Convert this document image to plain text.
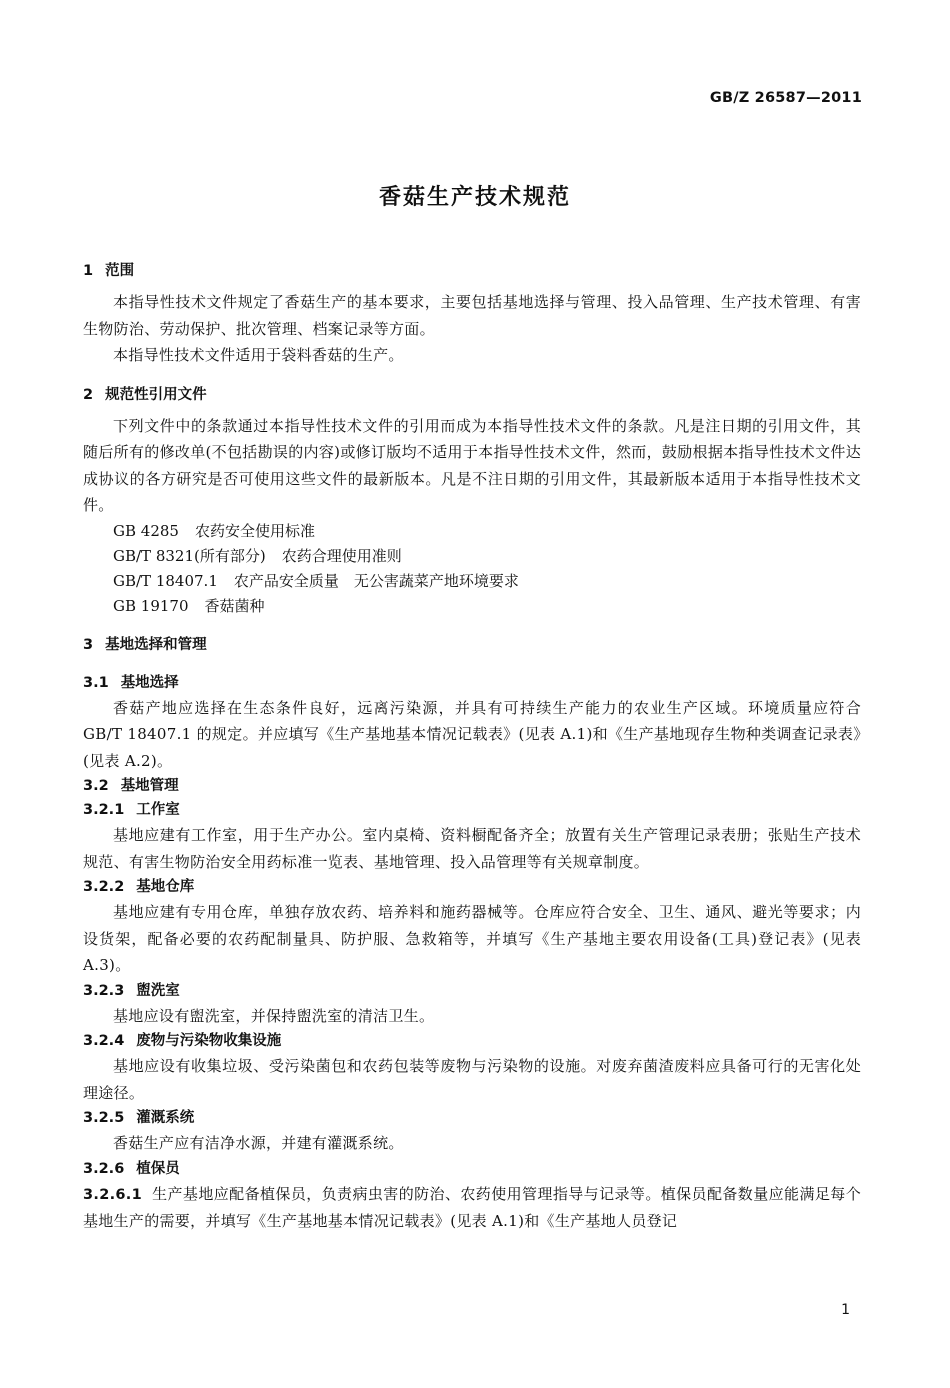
GB/Z 26587—2011
香菇生产技术规范
1 范围
本指导性技术文件规定了香菇生产的基本要求，主要包括基地选择与管理、投入品管理、生产技术管理、有害生物防治、劳动保护、批次管理、档案记录等方面。
本指导性技术文件适用于袋料香菇的生产。
2 规范性引用文件
下列文件中的条款通过本指导性技术文件的引用而成为本指导性技术文件的条款。凡是注日期的引用文件，其随后所有的修改单(不包括勘误的内容)或修订版均不适用于本指导性技术文件，然而，鼓励根据本指导性技术文件达成协议的各方研究是否可使用这些文件的最新版本。凡是不注日期的引用文件，其最新版本适用于本指导性技术文件。
GB 4285 农药安全使用标准
GB/T 8321(所有部分) 农药合理使用准则
GB/T 18407.1 农产品安全质量　无公害蔬菜产地环境要求
GB 19170 香菇菌种
3 基地选择和管理
3.1 基地选择
香菇产地应选择在生态条件良好，远离污染源，并具有可持续生产能力的农业生产区域。环境质量应符合 GB/T 18407.1 的规定。并应填写《生产基地基本情况记载表》(见表 A.1)和《生产基地现存生物种类调查记录表》(见表 A.2)。
3.2 基地管理
3.2.1 工作室
基地应建有工作室，用于生产办公。室内桌椅、资料橱配备齐全；放置有关生产管理记录表册；张贴生产技术规范、有害生物防治安全用药标准一览表、基地管理、投入品管理等有关规章制度。
3.2.2 基地仓库
基地应建有专用仓库，单独存放农药、培养料和施药器械等。仓库应符合安全、卫生、通风、避光等要求；内设货架，配备必要的农药配制量具、防护服、急救箱等，并填写《生产基地主要农用设备(工具)登记表》(见表 A.3)。
3.2.3 盥洗室
基地应设有盥洗室，并保持盥洗室的清洁卫生。
3.2.4 废物与污染物收集设施
基地应设有收集垃圾、受污染菌包和农药包装等废物与污染物的设施。对废弃菌渣废料应具备可行的无害化处理途径。
3.2.5 灌溉系统
香菇生产应有洁净水源，并建有灌溉系统。
3.2.6 植保员
3.2.6.1 生产基地应配备植保员，负责病虫害的防治、农药使用管理指导与记录等。植保员配备数量应能满足每个基地生产的需要，并填写《生产基地基本情况记载表》(见表 A.1)和《生产基地人员登记
1
